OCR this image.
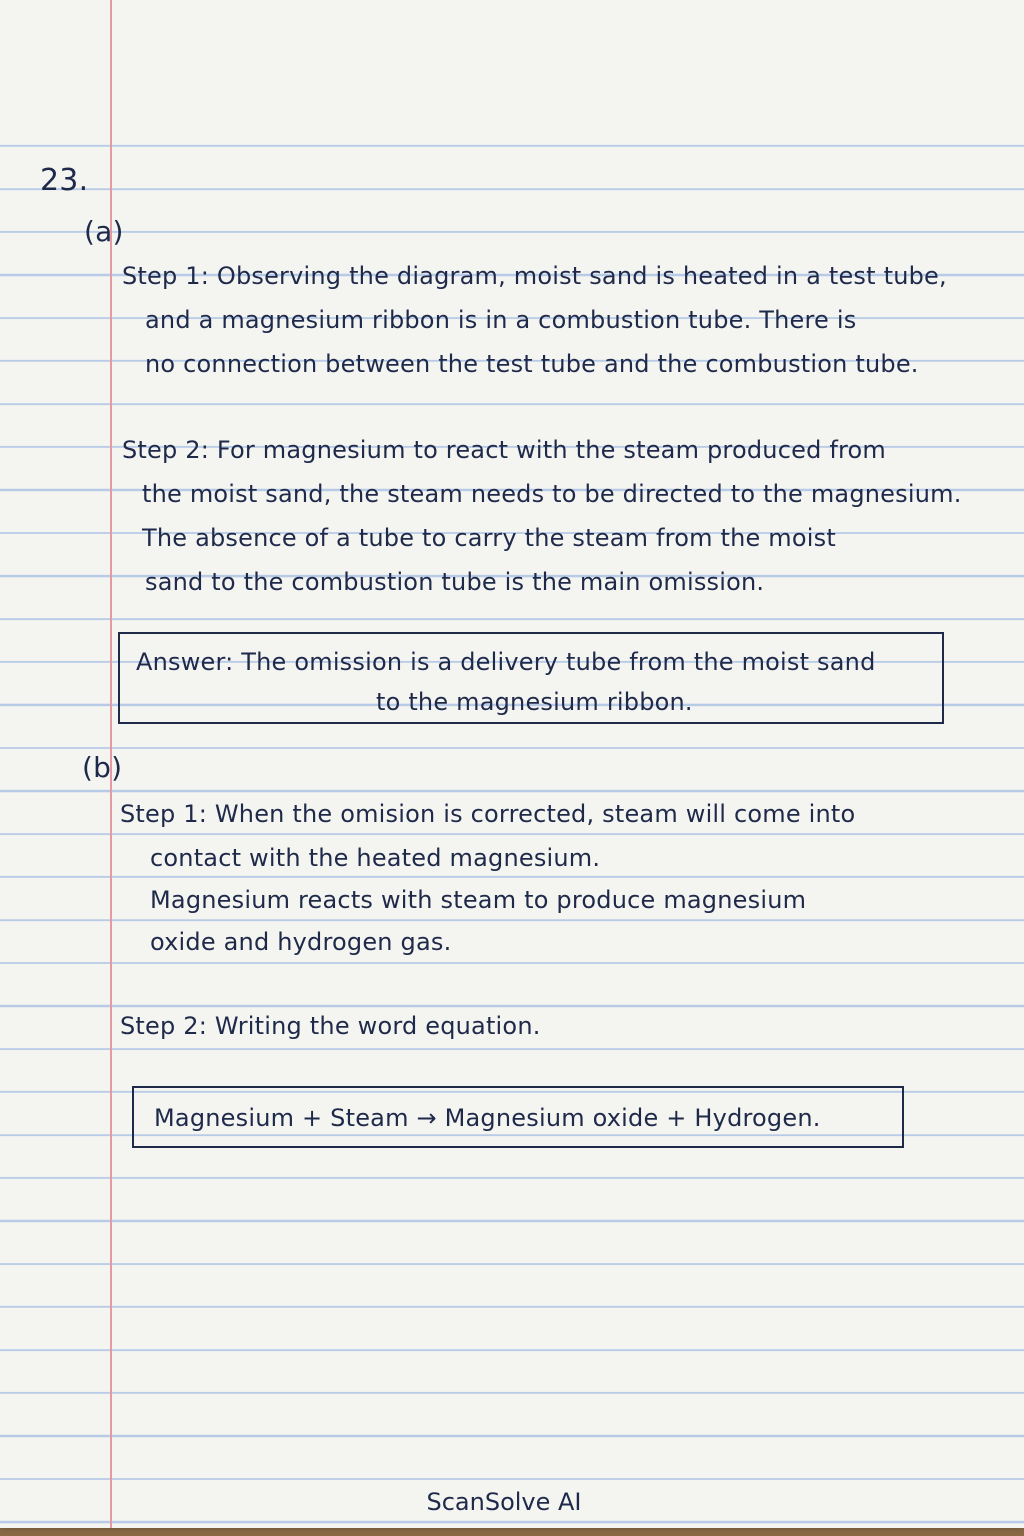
23.
(a)
Step 1: Observing the diagram, moist sand is heated in a test tube,
and a magnesium ribbon is in a combustion tube. There is
no connection between the test tube and the combustion tube.
Step 2: For magnesium to react with the steam produced from
the moist sand, the steam needs to be directed to the magnesium.
The absence of a tube to carry the steam from the moist
sand to the combustion tube is the main omission.
Answer: The omission is a delivery tube from the moist sand
to the magnesium ribbon.
(b)
Step 1: When the omision is corrected, steam will come into
contact with the heated magnesium.
Magnesium reacts with steam to produce magnesium
oxide and hydrogen gas.
Step 2: Writing the word equation.
Magnesium + Steam → Magnesium oxide + Hydrogen.
ScanSolve AI
